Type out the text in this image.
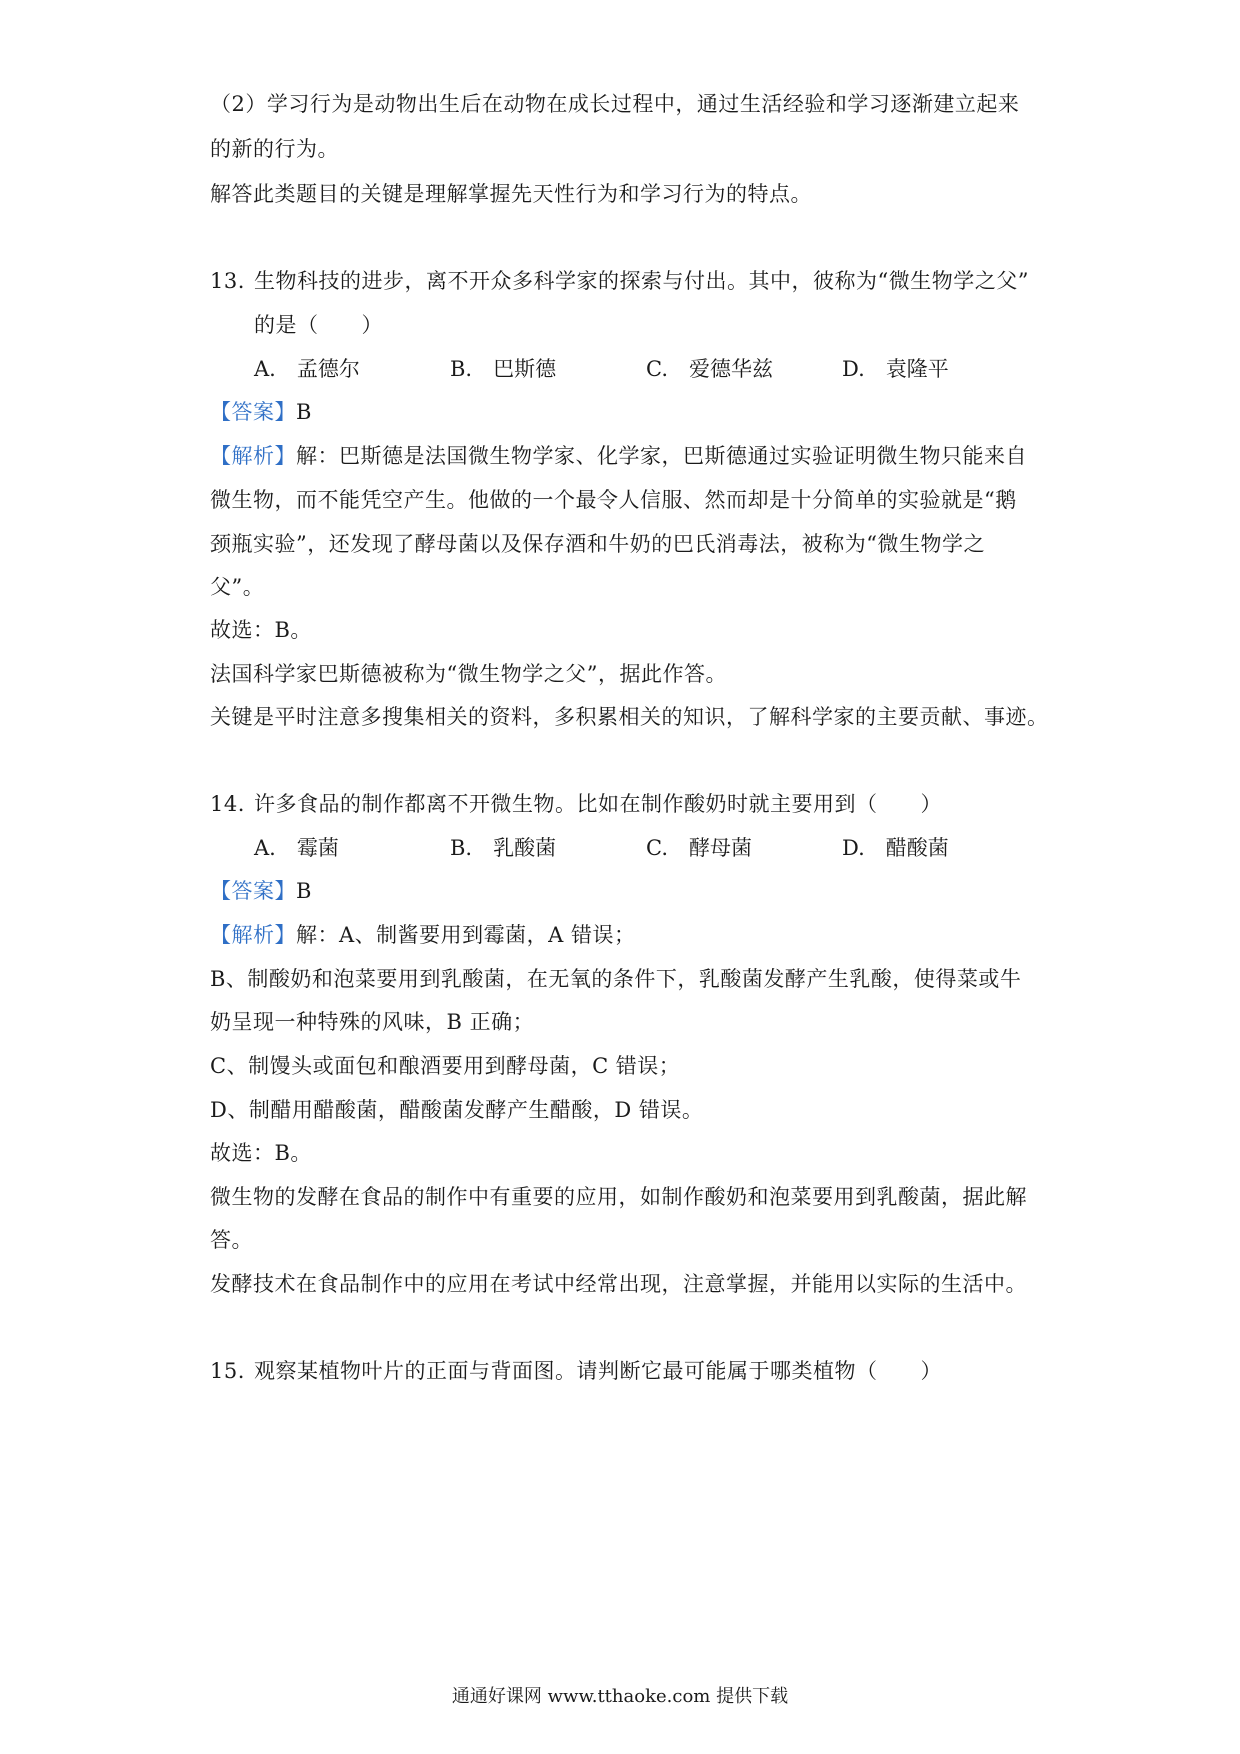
（2）学习行为是动物出生后在动物在成长过程中，通过生活经验和学习逐渐建立起来
的新的行为。
解答此类题目的关键是理解掌握先天性行为和学习行为的特点。
13. 生物科技的进步，离不开众多科学家的探索与付出。其中，彼称为“微生物学之父”
的是（　　）
A.　孟德尔	B.　巴斯德	C.　爱德华兹	D.　袁隆平
【答案】B
【解析】解：巴斯德是法国微生物学家、化学家，巴斯德通过实验证明微生物只能来自
微生物，而不能凭空产生。他做的一个最令人信服、然而却是十分简单的实验就是“鹅
颈瓶实验”，还发现了酵母菌以及保存酒和牛奶的巴氏消毒法，被称为“微生物学之
父”。
故选：B。
法国科学家巴斯德被称为“微生物学之父”，据此作答。
关键是平时注意多搜集相关的资料，多积累相关的知识，了解科学家的主要贡献、事迹。
14. 许多食品的制作都离不开微生物。比如在制作酸奶时就主要用到（　　）
A.　霉菌	B.　乳酸菌	C.　酵母菌	D.　醋酸菌
【答案】B
【解析】解：A、制酱要用到霉菌，A 错误；
B、制酸奶和泡菜要用到乳酸菌，在无氧的条件下，乳酸菌发酵产生乳酸，使得菜或牛
奶呈现一种特殊的风味，B 正确；
C、制馒头或面包和酿酒要用到酵母菌，C 错误；
D、制醋用醋酸菌，醋酸菌发酵产生醋酸，D 错误。
故选：B。
微生物的发酵在食品的制作中有重要的应用，如制作酸奶和泡菜要用到乳酸菌，据此解
答。
发酵技术在食品制作中的应用在考试中经常出现，注意掌握，并能用以实际的生活中。
15. 观察某植物叶片的正面与背面图。请判断它最可能属于哪类植物（　　）
通通好课网 www.tthaoke.com 提供下载
